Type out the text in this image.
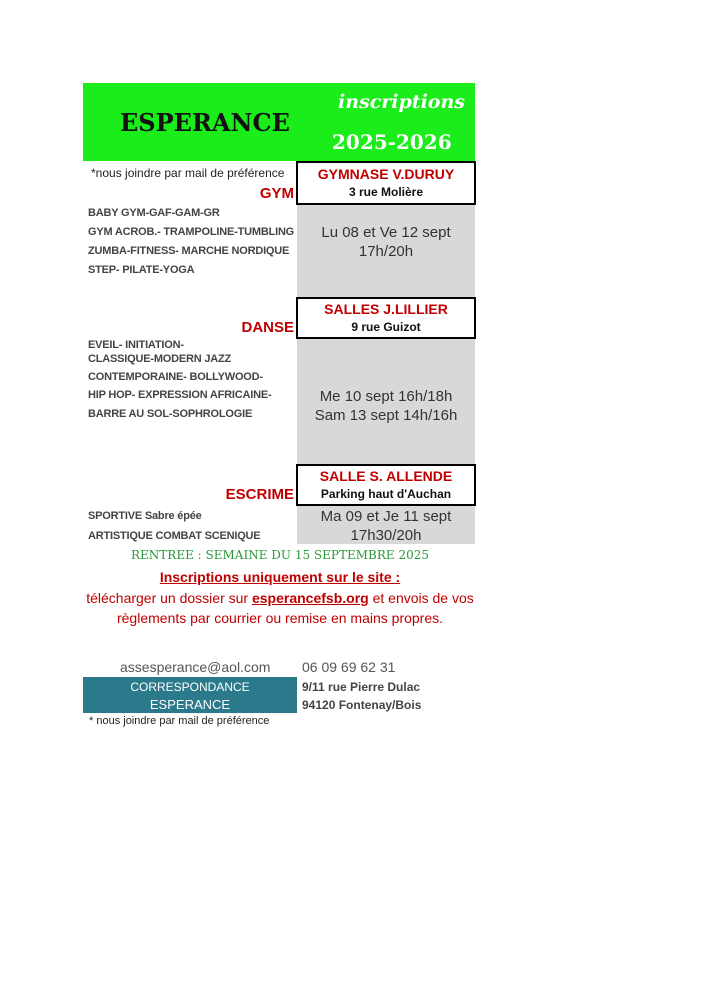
ESPERANCE
inscriptions
2025-2026
*nous joindre par mail de préférence
GYM
GYMNASE V.DURUY
3 rue Molière
BABY GYM-GAF-GAM-GR
GYM ACROB.- TRAMPOLINE-TUMBLING
ZUMBA-FITNESS- MARCHE NORDIQUE
STEP- PILATE-YOGA
Lu 08 et Ve 12 sept
17h/20h
DANSE
SALLES J.LILLIER
9 rue Guizot
EVEIL- INITIATION-
CLASSIQUE-MODERN JAZZ
CONTEMPORAINE- BOLLYWOOD-
HIP HOP- EXPRESSION AFRICAINE-
BARRE AU SOL-SOPHROLOGIE
Me 10 sept 16h/18h
Sam 13 sept 14h/16h
ESCRIME
SALLE S. ALLENDE
Parking haut d'Auchan
SPORTIVE Sabre épée
ARTISTIQUE COMBAT SCENIQUE
Ma 09 et Je 11 sept
17h30/20h
RENTREE : SEMAINE DU 15 SEPTEMBRE 2025
Inscriptions uniquement sur le site :
télécharger un dossier sur esperancefsb.org et envois de vos
règlements par courrier ou remise en mains propres.
assesperance@aol.com 06 09 69 62 31
CORRESPONDANCE
ESPERANCE
9/11 rue Pierre Dulac
94120 Fontenay/Bois
* nous joindre par mail de préférence
